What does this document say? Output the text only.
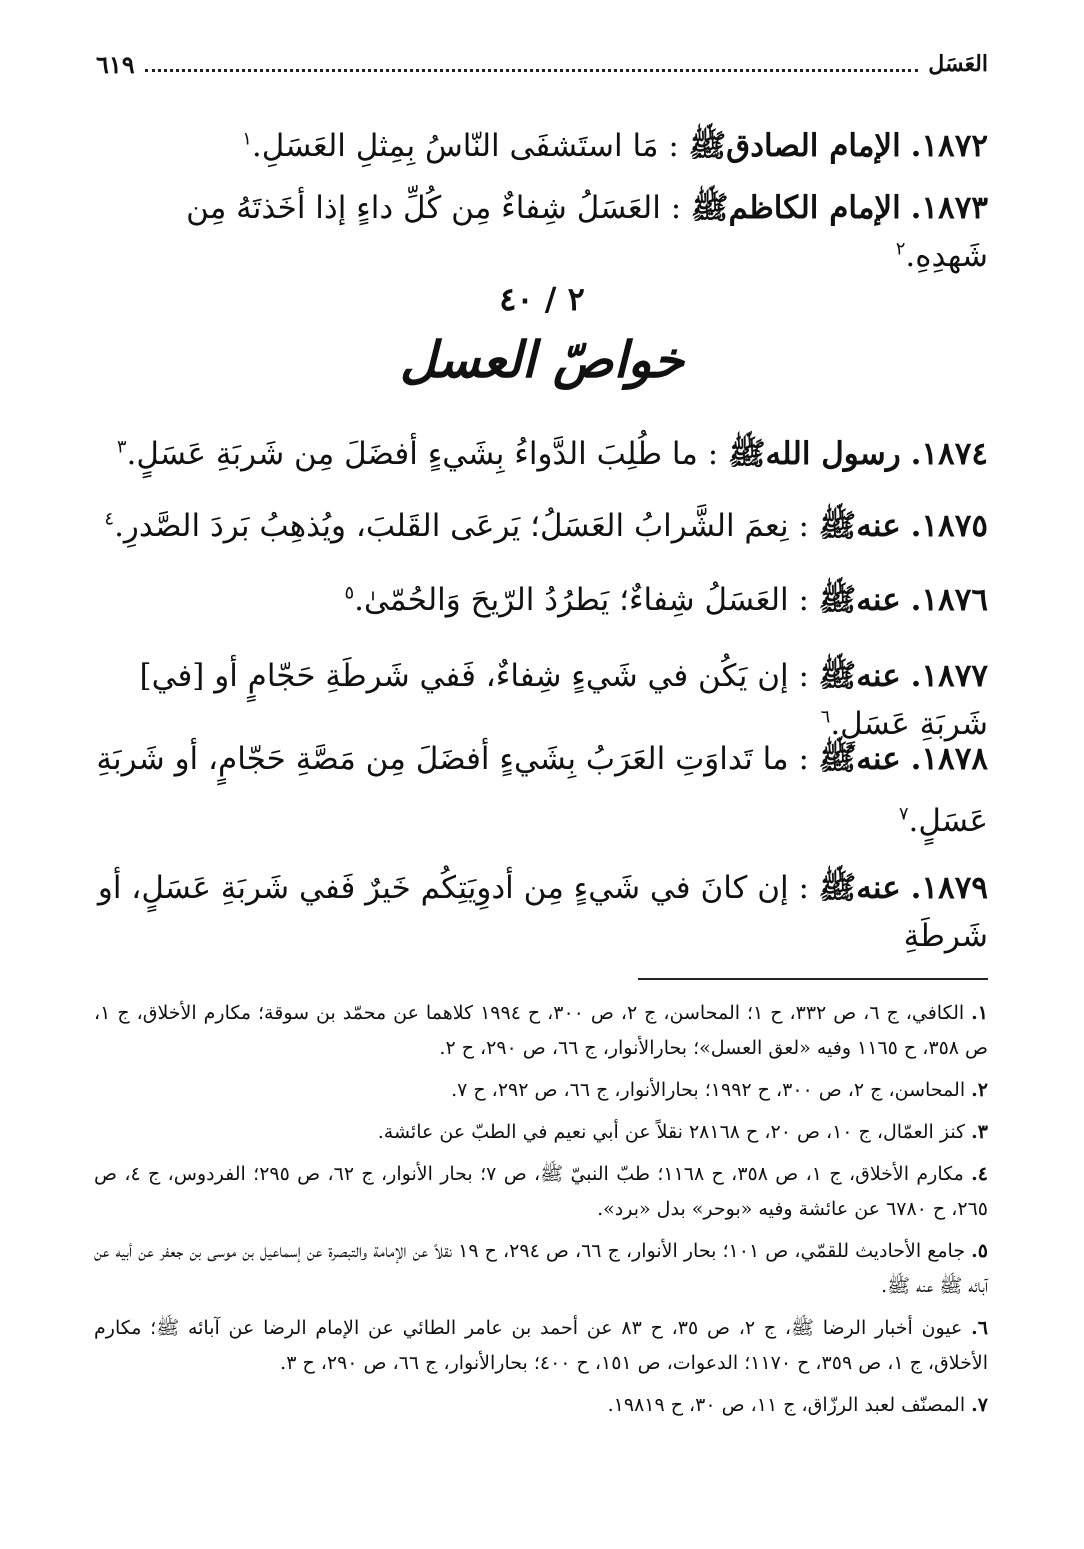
العَسَل
٦١٩
١٨٧٢. الإمام الصادقﷺ : مَا استَشفَى النّاسُ بِمِثلِ العَسَلِ.$^١$
١٨٧٣. الإمام الكاظمﷺ : العَسَلُ شِفاءٌ مِن كُلِّ داءٍ إذا أخَذتَهُ مِن شَهدِهِ.$^٢$
٢ / ٤٠
خواصّ العسل
١٨٧٤. رسول اللهﷺ : ما طُلِبَ الدَّواءُ بِشَيءٍ أفضَلَ مِن شَربَةِ عَسَلٍ.$^٣$
١٨٧٥. عنهﷺ : نِعمَ الشَّرابُ العَسَلُ؛ يَرعَى القَلبَ، ويُذهِبُ بَردَ الصَّدرِ.$^٤$
١٨٧٦. عنهﷺ : العَسَلُ شِفاءٌ؛ يَطرُدُ الرّيحَ وَالحُمّىٰ.$^٥$
١٨٧٧. عنهﷺ : إن يَكُن في شَيءٍ شِفاءٌ، فَفي شَرطَةِ حَجّامٍ أو [في] شَربَةِ عَسَلٍ.$^٦$
١٨٧٨. عنهﷺ : ما تَداوَتِ العَرَبُ بِشَيءٍ أفضَلَ مِن مَصَّةِ حَجّامٍ، أو شَربَةِ عَسَلٍ.$^٧$
١٨٧٩. عنهﷺ : إن كانَ في شَيءٍ مِن أدوِيَتِكُم خَيرٌ فَفي شَربَةِ عَسَلٍ، أو شَرطَةِ
١. الكافي، ج ٦، ص ٣٣٢، ح ١؛ المحاسن، ج ٢، ص ٣٠٠، ح ١٩٩٤ كلاهما عن محمّد بن سوقة؛ مكارم الأخلاق، ج ١، ص ٣٥٨، ح ١١٦٥ وفيه «لعق العسل»؛ بحارالأنوار، ج ٦٦، ص ٢٩٠، ح ٢.
٢. المحاسن، ج ٢، ص ٣٠٠، ح ١٩٩٢؛ بحارالأنوار، ج ٦٦، ص ٢٩٢، ح ٧.
٣. كنز العمّال، ج ١٠، ص ٢٠، ح ٢٨١٦٨ نقلاً عن أبي نعيم في الطبّ عن عائشة.
٤. مكارم الأخلاق، ج ١، ص ٣٥٨، ح ١١٦٨؛ طبّ النبيّ ﷺ، ص ٧؛ بحار الأنوار، ج ٦٢، ص ٢٩٥؛ الفردوس، ج ٤، ص ٢٦٥، ح ٦٧٨٠ عن عائشة وفيه «بوحر» بدل «برد».
٥. جامع الأحاديث للقمّي، ص ١٠١؛ بحار الأنوار، ج ٦٦، ص ٢٩٤، ح ١٩ نقلاً عن الإمامة والتبصرة عن إسماعيل بن موسى بن جعفر عن أبيه عن آبائه ﷺ عنه ﷺ.
٦. عيون أخبار الرضا ﷺ، ج ٢، ص ٣٥، ح ٨٣ عن أحمد بن عامر الطائي عن الإمام الرضا عن آبائه ﷺ؛ مكارم الأخلاق، ج ١، ص ٣٥٩، ح ١١٧٠؛ الدعوات، ص ١٥١، ح ٤٠٠؛ بحارالأنوار، ج ٦٦، ص ٢٩٠، ح ٣.
٧. المصنّف لعبد الرزّاق، ج ١١، ص ٣٠، ح ١٩٨١٩.
